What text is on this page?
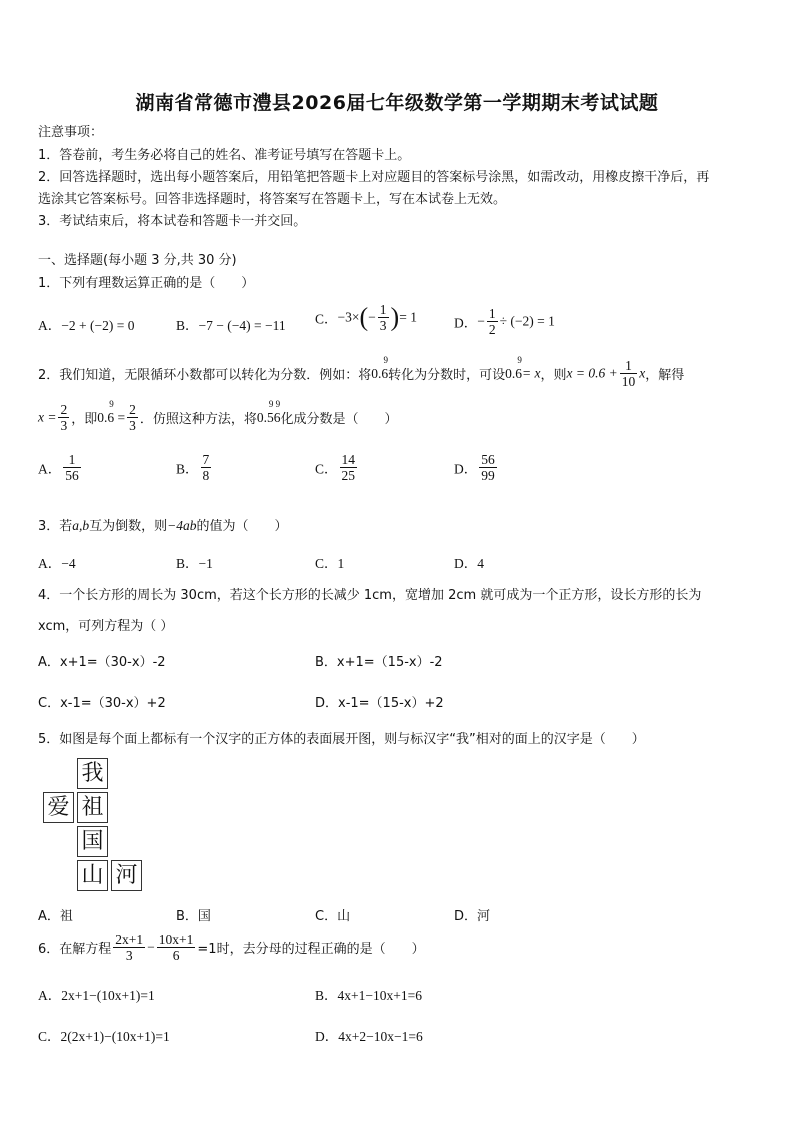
湖南省常德市澧县2026届七年级数学第一学期期末考试试题
注意事项：
1．答卷前，考生务必将自己的姓名、准考证号填写在答题卡上。
2．回答选择题时，选出每小题答案后，用铅笔把答题卡上对应题目的答案标号涂黑，如需改动，用橡皮擦干净后，再
选涂其它答案标号。回答非选择题时，将答案写在答题卡上，写在本试卷上无效。
3．考试结束后，将本试卷和答题卡一并交回。
一、选择题(每小题 3 分,共 30 分)
1．下列有理数运算正确的是（　　）
A．−2 + (−2) = 0	B．−7 − (−4) = −11 C．$-3\times(- \frac{1}{3}$ )= 1	D．− $\frac{1}{2} \div (-2) = 1$
2．我们知道，无限循环小数都可以转化为分数．例如：将0.6
9
转化为分数时，可设0.6
9
= x，则$x = 0.6 + \frac{1}{10}$ x，解得
$x = \frac{2}{3}$ ，即0.6 =
$9 \frac{2}{3}$ ．仿照这种方法，将0.56
9 9
化成分数是（　　）
A． $\frac{1}{56}$	B． $\frac{7}{8}$	C． $\frac{14}{25}$	D． $\frac{56}{99}$
3．若a,b互为倒数，则−4ab的值为（　　）
A．−4	B．−1	C．1	D．4
4．一个长方形的周长为 30cm，若这个长方形的长减少 1cm，宽增加 2cm 就可成为一个正方形，设长方形的长为
xcm，可列方程为（ ）
A．x+1=（30-x）-2	B．x+1=（15-x）-2
C．x-1=（30-x）+2	D．x-1=（15-x）+2
5．如图是每个面上都标有一个汉字的正方体的表面展开图，则与标汉字“我”相对的面上的汉字是（　　）
我
爱 祖
国
山 河
A．祖	B．国	C．山	D．河
6．在解方程 $\frac{2x+1}{3} - \frac{10x+1}{6} =1$时，去分母的过程正确的是（　　）
A．2x+1−(10x+1)=1	B．4x+1−10x+1=6
C．2(2x+1)−(10x+1)=1	D．4x+2−10x−1=6
